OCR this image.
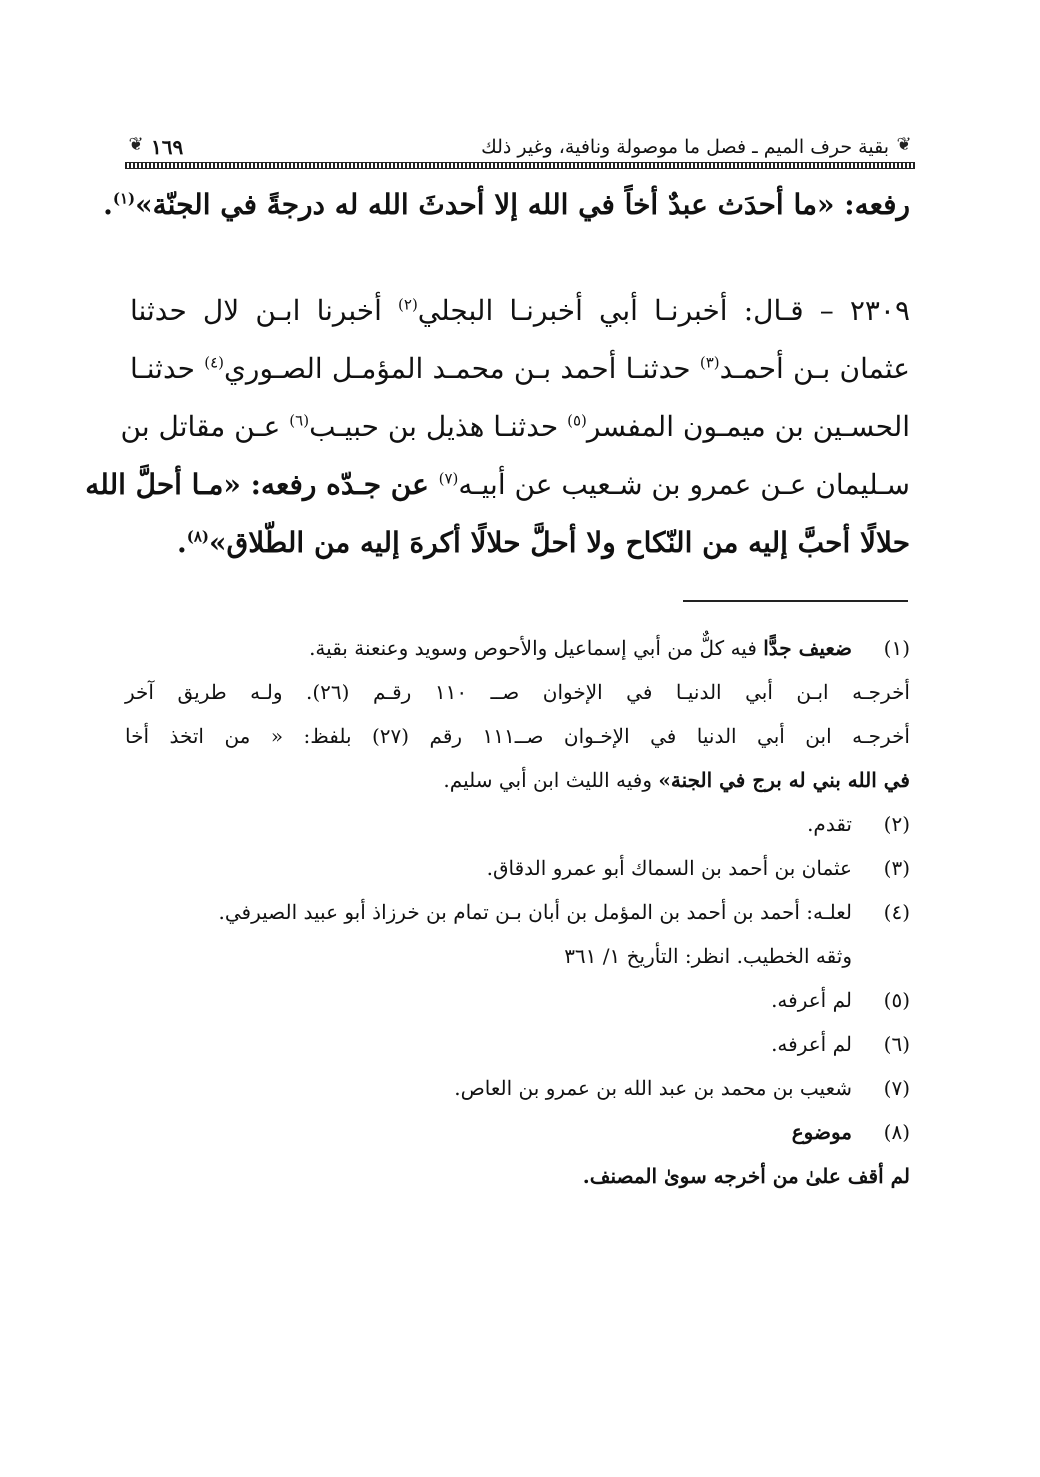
❦
بقية حرف الميم ـ فصل ما موصولة ونافية، وغير ذلك
١٦٩
❦
رفعه: «ما أحدَث عبدٌ أخاً في الله إلا أحدثَ الله له درجةً في الجنّة»$^{(١)}$.
٢٣٠٩ – قـال: أخبرنـا أبي أخبرنـا البجلي$^{(٢)}$ أخبرنا ابـن لال حدثنا
عثمان بـن أحمـد$^{(٣)}$ حدثنـا أحمد بـن محمـد المؤمـل الصـوري$^{(٤)}$ حدثنـا
الحسـين بن ميمـون المفسر$^{(٥)}$ حدثنـا هذيل بن حبيـب$^{(٦)}$ عـن مقاتل بن
سـليمان عـن عمرو بن شـعيب عن أبيـه$^{(٧)}$ عن جـدّه رفعه: «مـا أحلَّ الله
حلالًا أحبَّ إليه من النّكاح ولا أحلَّ حلالًا أكرهَ إليه من الطّلاق»$^{(٨)}$.
(١)
ضعيف جدًّا فيه كلٌّ من أبي إسماعيل والأحوص وسويد وعنعنة بقية.
أخرجـه ابـن أبي الدنيـا في الإخوان صــ ١١٠ رقـم (٢٦). ولـه طريق آخر
أخرجـه ابن أبي الدنيا في الإخـوان صــ١١١ رقم (٢٧) بلفظ: « من اتخذ أخا
في الله بني له برج في الجنة» وفيه الليث ابن أبي سليم.
(٢)
تقدم.
(٣)
عثمان بن أحمد بن السماك أبو عمرو الدقاق.
(٤)
لعلـه: أحمد بن أحمد بن المؤمل بن أبان بـن تمام بن خرزاذ أبو عبيد الصيرفي.
وثقه الخطيب. انظر: التأريخ ١/ ٣٦١
(٥)
لم أعرفه.
(٦)
لم أعرفه.
(٧)
شعيب بن محمد بن عبد الله بن عمرو بن العاص.
(٨)
موضوع
لم أقف علىٰ من أخرجه سوىٰ المصنف.
